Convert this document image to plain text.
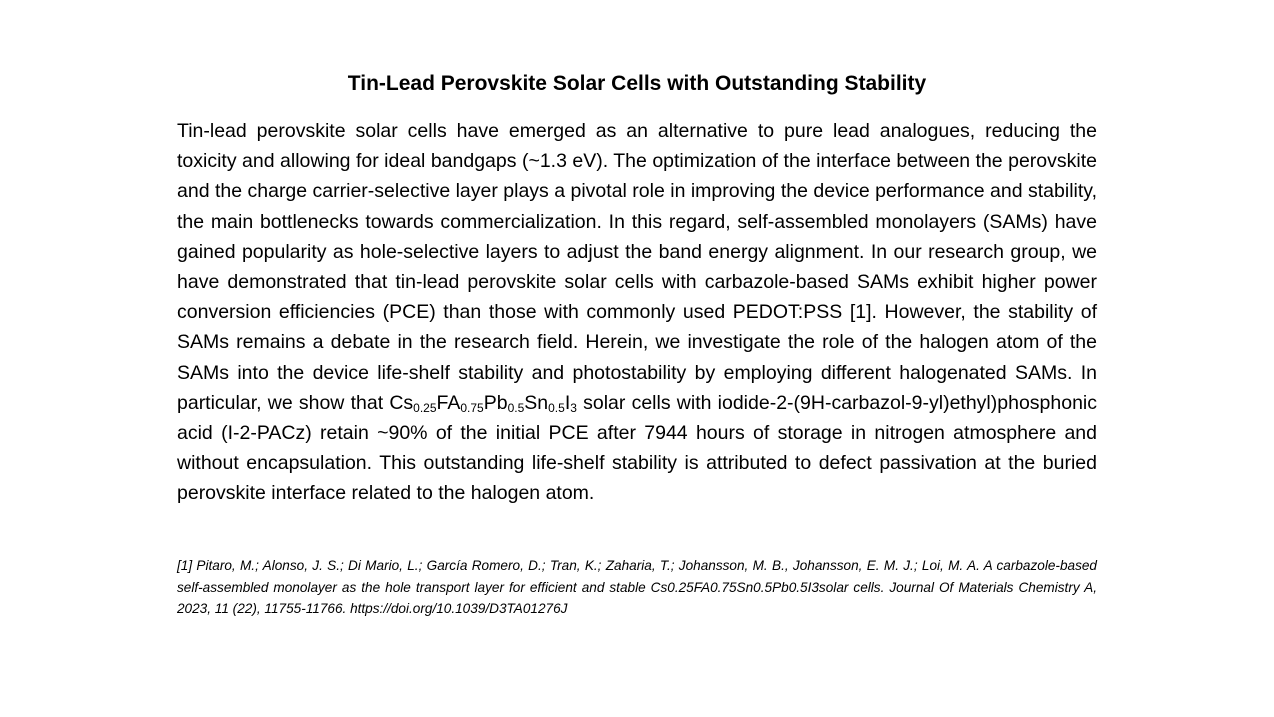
Tin-Lead Perovskite Solar Cells with Outstanding Stability

Tin-lead perovskite solar cells have emerged as an alternative to pure lead analogues, reducing the toxicity and allowing for ideal bandgaps (~1.3 eV). The optimization of the interface between the perovskite and the charge carrier-selective layer plays a pivotal role in improving the device performance and stability, the main bottlenecks towards commercialization. In this regard, self-assembled monolayers (SAMs) have gained popularity as hole-selective layers to adjust the band energy alignment. In our research group, we have demonstrated that tin-lead perovskite solar cells with carbazole-based SAMs exhibit higher power conversion efficiencies (PCE) than those with commonly used PEDOT:PSS [1]. However, the stability of SAMs remains a debate in the research field. Herein, we investigate the role of the halogen atom of the SAMs into the device life-shelf stability and photostability by employing different halogenated SAMs. In particular, we show that $Cs_{0.25}FA_{0.75}Pb_{0.5}Sn_{0.5}I_3$ solar cells with iodide-2-(9H-carbazol-9-yl)ethyl)phosphonic acid (I-2-PACz) retain ~90% of the initial PCE after 7944 hours of storage in nitrogen atmosphere and without encapsulation. This outstanding life-shelf stability is attributed to defect passivation at the buried perovskite interface related to the halogen atom.

[1] Pitaro, M.; Alonso, J. S.; Di Mario, L.; García Romero, D.; Tran, K.; Zaharia, T.; Johansson, M. B., Johansson, E. M. J.; Loi, M. A. A carbazole-based self-assembled monolayer as the hole transport layer for efficient and stable Cs0.25FA0.75Sn0.5Pb0.5I3solar cells. Journal Of Materials Chemistry A, 2023, 11 (22), 11755-11766. https://doi.org/10.1039/D3TA01276J
